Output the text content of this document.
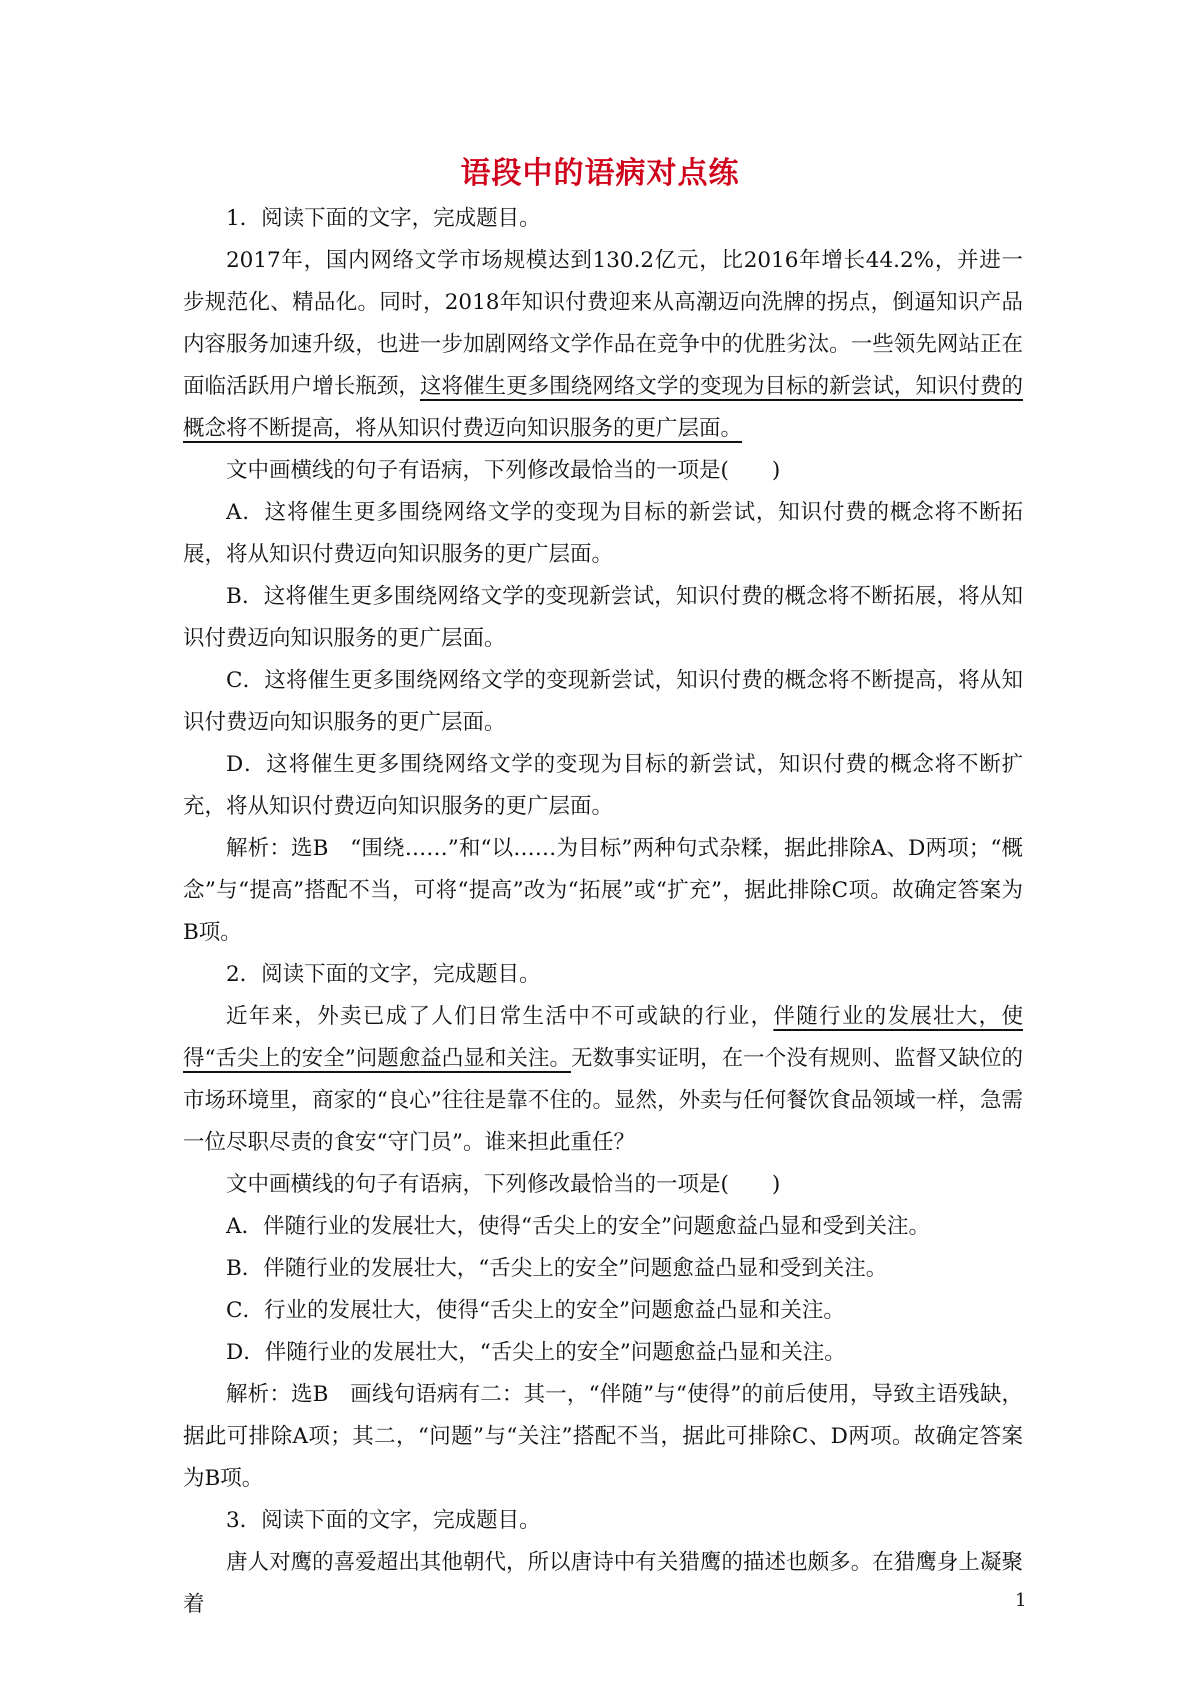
语段中的语病对点练

1．阅读下面的文字，完成题目。

2017年，国内网络文学市场规模达到130.2亿元，比2016年增长44.2%，并进一步规范化、精品化。同时，2018年知识付费迎来从高潮迈向洗牌的拐点，倒逼知识产品内容服务加速升级，也进一步加剧网络文学作品在竞争中的优胜劣汰。一些领先网站正在面临活跃用户增长瓶颈，这将催生更多围绕网络文学的变现为目标的新尝试，知识付费的概念将不断提高，将从知识付费迈向知识服务的更广层面。

文中画横线的句子有语病，下列修改最恰当的一项是(　　)

A．这将催生更多围绕网络文学的变现为目标的新尝试，知识付费的概念将不断拓展，将从知识付费迈向知识服务的更广层面。

B．这将催生更多围绕网络文学的变现新尝试，知识付费的概念将不断拓展，将从知识付费迈向知识服务的更广层面。

C．这将催生更多围绕网络文学的变现新尝试，知识付费的概念将不断提高，将从知识付费迈向知识服务的更广层面。

D．这将催生更多围绕网络文学的变现为目标的新尝试，知识付费的概念将不断扩充，将从知识付费迈向知识服务的更广层面。

解析：选B　“围绕……”和“以……为目标”两种句式杂糅，据此排除A、D两项；“概念”与“提高”搭配不当，可将“提高”改为“拓展”或“扩充”，据此排除C项。故确定答案为B项。

2．阅读下面的文字，完成题目。

近年来，外卖已成了人们日常生活中不可或缺的行业，伴随行业的发展壮大，使得“舌尖上的安全”问题愈益凸显和关注。无数事实证明，在一个没有规则、监督又缺位的市场环境里，商家的“良心”往往是靠不住的。显然，外卖与任何餐饮食品领域一样，急需一位尽职尽责的食安“守门员”。谁来担此重任？

文中画横线的句子有语病，下列修改最恰当的一项是(　　)

A．伴随行业的发展壮大，使得“舌尖上的安全”问题愈益凸显和受到关注。

B．伴随行业的发展壮大，“舌尖上的安全”问题愈益凸显和受到关注。

C．行业的发展壮大，使得“舌尖上的安全”问题愈益凸显和关注。

D．伴随行业的发展壮大，“舌尖上的安全”问题愈益凸显和关注。

解析：选B　画线句语病有二：其一，“伴随”与“使得”的前后使用，导致主语残缺，据此可排除A项；其二，“问题”与“关注”搭配不当，据此可排除C、D两项。故确定答案为B项。

3．阅读下面的文字，完成题目。

唐人对鹰的喜爱超出其他朝代，所以唐诗中有关猎鹰的描述也颇多。在猎鹰身上凝聚着	1
